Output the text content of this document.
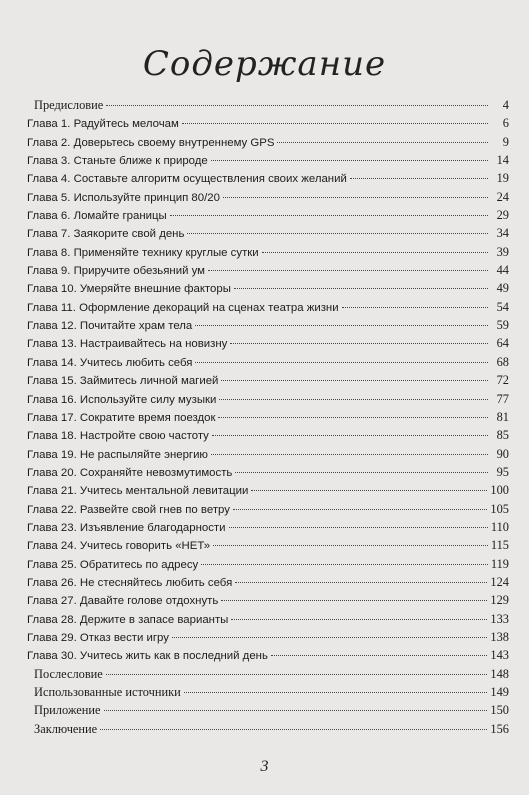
Содержание
Предисловие	4
Глава 1. Радуйтесь мелочам	6
Глава 2. Доверьтесь своему внутреннему GPS	9
Глава 3. Станьте ближе к природе	14
Глава 4. Составьте алгоритм осуществления своих желаний	19
Глава 5. Используйте принцип 80/20	24
Глава 6. Ломайте границы	29
Глава 7. Заякорите свой день	34
Глава 8. Применяйте технику круглые сутки	39
Глава 9. Приручите обезьяний ум	44
Глава 10. Умеряйте внешние факторы	49
Глава 11. Оформление декораций на сценах театра жизни	54
Глава 12. Почитайте храм тела	59
Глава 13. Настраивайтесь на новизну	64
Глава 14. Учитесь любить себя	68
Глава 15. Займитесь личной магией	72
Глава 16. Используйте силу музыки	77
Глава 17. Сократите время поездок	81
Глава 18. Настройте свою частоту	85
Глава 19. Не распыляйте энергию	90
Глава 20. Сохраняйте невозмутимость	95
Глава 21. Учитесь ментальной левитации	100
Глава 22. Развейте свой гнев по ветру	105
Глава 23. Изъявление благодарности	110
Глава 24. Учитесь говорить «НЕТ»	115
Глава 25. Обратитесь по адресу	119
Глава 26. Не стесняйтесь любить себя	124
Глава 27. Давайте голове отдохнуть	129
Глава 28. Держите в запасе варианты	133
Глава 29. Отказ вести игру	138
Глава 30. Учитесь жить как в последний день	143
Послесловие	148
Использованные источники	149
Приложение	150
Заключение	156
3
